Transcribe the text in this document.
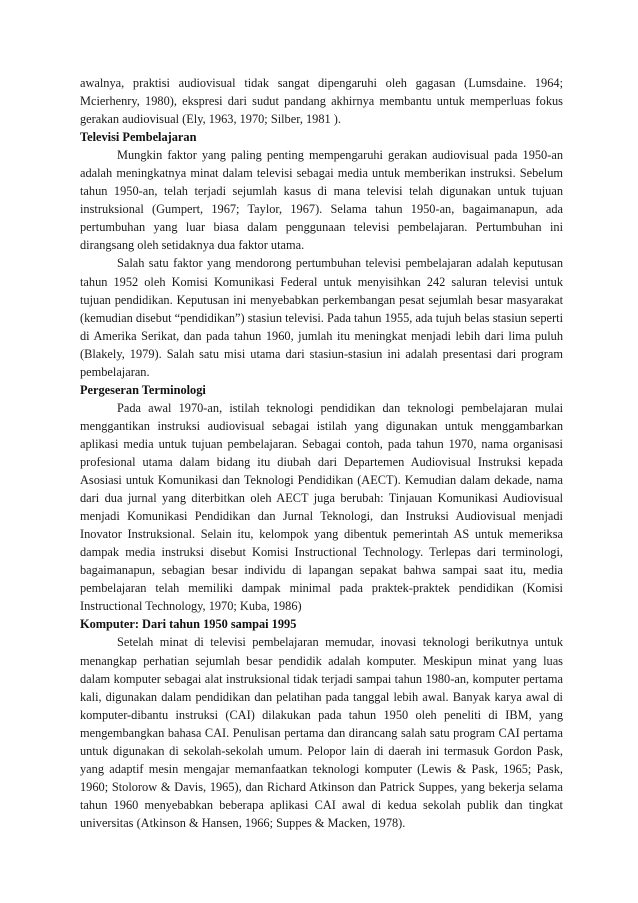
awalnya, praktisi audiovisual tidak sangat dipengaruhi oleh gagasan (Lumsdaine. 1964; Mcierhenry, 1980), ekspresi dari sudut pandang akhirnya membantu untuk memperluas fokus gerakan audiovisual (Ely, 1963, 1970; Silber, 1981 ).

Televisi Pembelajaran

Mungkin faktor yang paling penting mempengaruhi gerakan audiovisual pada 1950-an adalah meningkatnya minat dalam televisi sebagai media untuk memberikan instruksi. Sebelum tahun 1950-an, telah terjadi sejumlah kasus di mana televisi telah digunakan untuk tujuan instruksional (Gumpert, 1967; Taylor, 1967). Selama tahun 1950-an, bagaimanapun, ada pertumbuhan yang luar biasa dalam penggunaan televisi pembelajaran. Pertumbuhan ini dirangsang oleh setidaknya dua faktor utama.

Salah satu faktor yang mendorong pertumbuhan televisi pembelajaran adalah keputusan tahun 1952 oleh Komisi Komunikasi Federal untuk menyisihkan 242 saluran televisi untuk tujuan pendidikan. Keputusan ini menyebabkan perkembangan pesat sejumlah besar masyarakat (kemudian disebut “pendidikan”) stasiun televisi. Pada tahun 1955, ada tujuh belas stasiun seperti di Amerika Serikat, dan pada tahun 1960, jumlah itu meningkat menjadi lebih dari lima puluh (Blakely, 1979). Salah satu misi utama dari stasiun-stasiun ini adalah presentasi dari program pembelajaran.

Pergeseran Terminologi

Pada awal 1970-an, istilah teknologi pendidikan dan teknologi pembelajaran mulai menggantikan instruksi audiovisual sebagai istilah yang digunakan untuk menggambarkan aplikasi media untuk tujuan pembelajaran. Sebagai contoh, pada tahun 1970, nama organisasi profesional utama dalam bidang itu diubah dari Departemen Audiovisual Instruksi kepada Asosiasi untuk Komunikasi dan Teknologi Pendidikan (AECT). Kemudian dalam dekade, nama dari dua jurnal yang diterbitkan oleh AECT juga berubah: Tinjauan Komunikasi Audiovisual menjadi Komunikasi Pendidikan dan Jurnal Teknologi, dan Instruksi Audiovisual menjadi Inovator Instruksional. Selain itu, kelompok yang dibentuk pemerintah AS untuk memeriksa dampak media instruksi disebut Komisi Instructional Technology. Terlepas dari terminologi, bagaimanapun, sebagian besar individu di lapangan sepakat bahwa sampai saat itu, media pembelajaran telah memiliki dampak minimal pada praktek-praktek pendidikan (Komisi Instructional Technology, 1970; Kuba, 1986)

Komputer: Dari tahun 1950 sampai 1995

Setelah minat di televisi pembelajaran memudar, inovasi teknologi berikutnya untuk menangkap perhatian sejumlah besar pendidik adalah komputer. Meskipun minat yang luas dalam komputer sebagai alat instruksional tidak terjadi sampai tahun 1980-an, komputer pertama kali, digunakan dalam pendidikan dan pelatihan pada tanggal lebih awal. Banyak karya awal di komputer-dibantu instruksi (CAI) dilakukan pada tahun 1950 oleh peneliti di IBM, yang mengembangkan bahasa CAI. Penulisan pertama dan dirancang salah satu program CAI pertama untuk digunakan di sekolah-sekolah umum. Pelopor lain di daerah ini termasuk Gordon Pask, yang adaptif mesin mengajar memanfaatkan teknologi komputer (Lewis & Pask, 1965; Pask, 1960; Stolorow & Davis, 1965), dan Richard Atkinson dan Patrick Suppes, yang bekerja selama tahun 1960 menyebabkan beberapa aplikasi CAI awal di kedua sekolah publik dan tingkat universitas (Atkinson & Hansen, 1966; Suppes & Macken, 1978).
